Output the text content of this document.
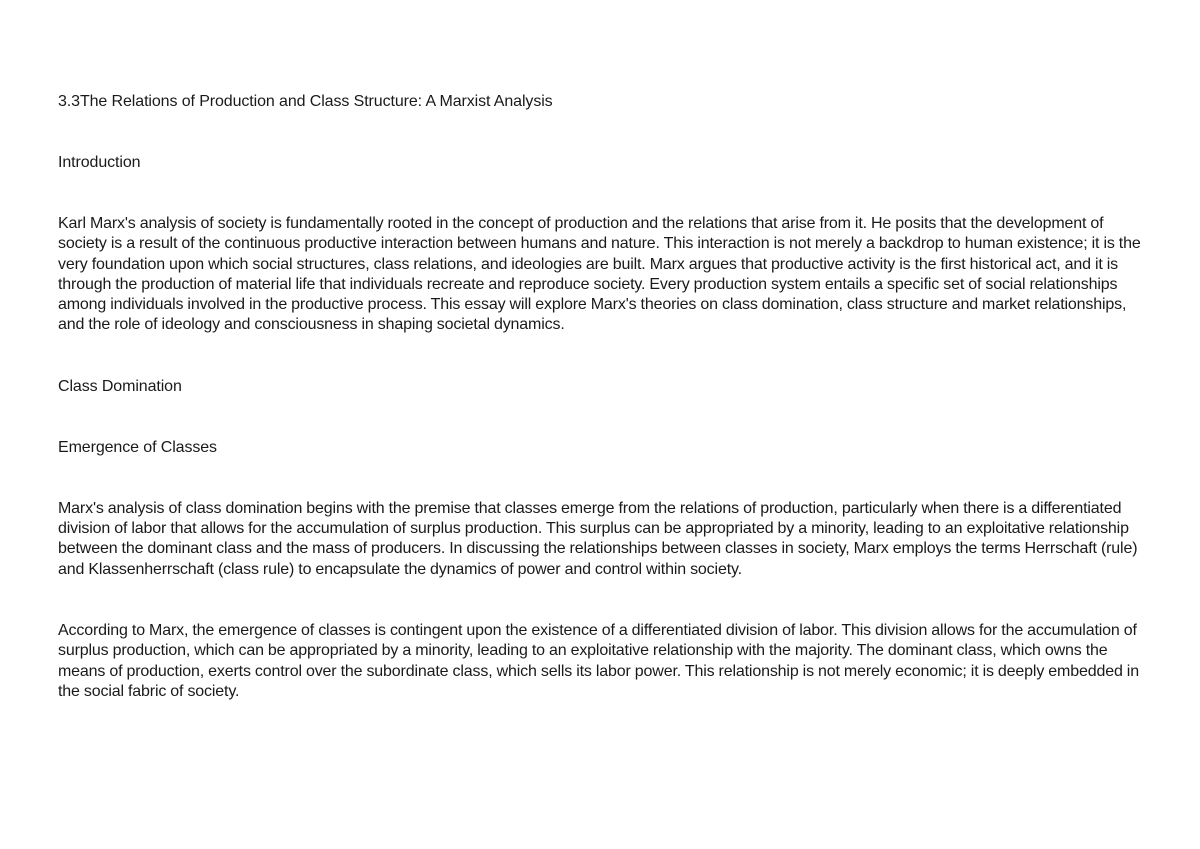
3.3The Relations of Production and Class Structure: A Marxist Analysis
Introduction

Karl Marx's analysis of society is fundamentally rooted in the concept of production and the relations that arise from it. He posits that the development of society is a result of the continuous productive interaction between humans and nature. This interaction is not merely a backdrop to human existence; it is the very foundation upon which social structures, class relations, and ideologies are built. Marx argues that productive activity is the first historical act, and it is through the production of material life that individuals recreate and reproduce society. Every production system entails a specific set of social relationships among individuals involved in the productive process. This essay will explore Marx's theories on class domination, class structure and market relationships, and the role of ideology and consciousness in shaping societal dynamics.

Class Domination
Emergence of Classes

Marx's analysis of class domination begins with the premise that classes emerge from the relations of production, particularly when there is a differentiated division of labor that allows for the accumulation of surplus production. This surplus can be appropriated by a minority, leading to an exploitative relationship between the dominant class and the mass of producers. In discussing the relationships between classes in society, Marx employs the terms Herrschaft (rule) and Klassenherrschaft (class rule) to encapsulate the dynamics of power and control within society.

According to Marx, the emergence of classes is contingent upon the existence of a differentiated division of labor. This division allows for the accumulation of surplus production, which can be appropriated by a minority, leading to an exploitative relationship with the majority. The dominant class, which owns the means of production, exerts control over the subordinate class, which sells its labor power. This relationship is not merely economic; it is deeply embedded in the social fabric of society.
